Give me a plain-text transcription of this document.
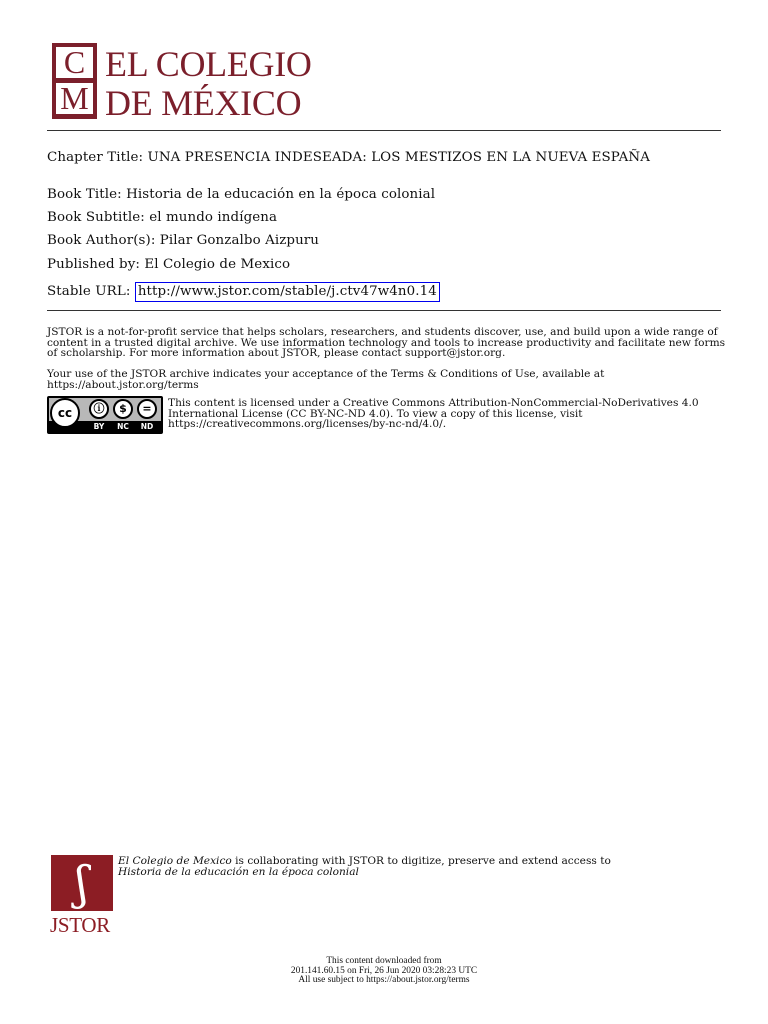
C
M
EL COLEGIO
DE MÉXICO
Chapter Title: UNA PRESENCIA INDESEADA: LOS MESTIZOS EN LA NUEVA ESPAÑA
Book Title: Historia de la educación en la época colonial
Book Subtitle: el mundo indígena
Book Author(s): Pilar Gonzalbo Aizpuru
Published by: El Colegio de Mexico
Stable URL: http://www.jstor.com/stable/j.ctv47w4n0.14
JSTOR is a not-for-profit service that helps scholars, researchers, and students discover, use, and build upon a wide range of content in a trusted digital archive. We use information technology and tools to increase productivity and facilitate new forms of scholarship. For more information about JSTOR, please contact support@jstor.org.
Your use of the JSTOR archive indicates your acceptance of the Terms & Conditions of Use, available at https://about.jstor.org/terms
cc	ⓘ	$	=
BY	NC	ND
This content is licensed under a Creative Commons Attribution-NonCommercial-NoDerivatives 4.0 International License (CC BY-NC-ND 4.0). To view a copy of this license, visit https://creativecommons.org/licenses/by-nc-nd/4.0/.
ʃ
JSTOR
El Colegio de Mexico is collaborating with JSTOR to digitize, preserve and extend access to
Historia de la educación en la época colonial
This content downloaded from
201.141.60.15 on Fri, 26 Jun 2020 03:28:23 UTC
All use subject to https://about.jstor.org/terms
